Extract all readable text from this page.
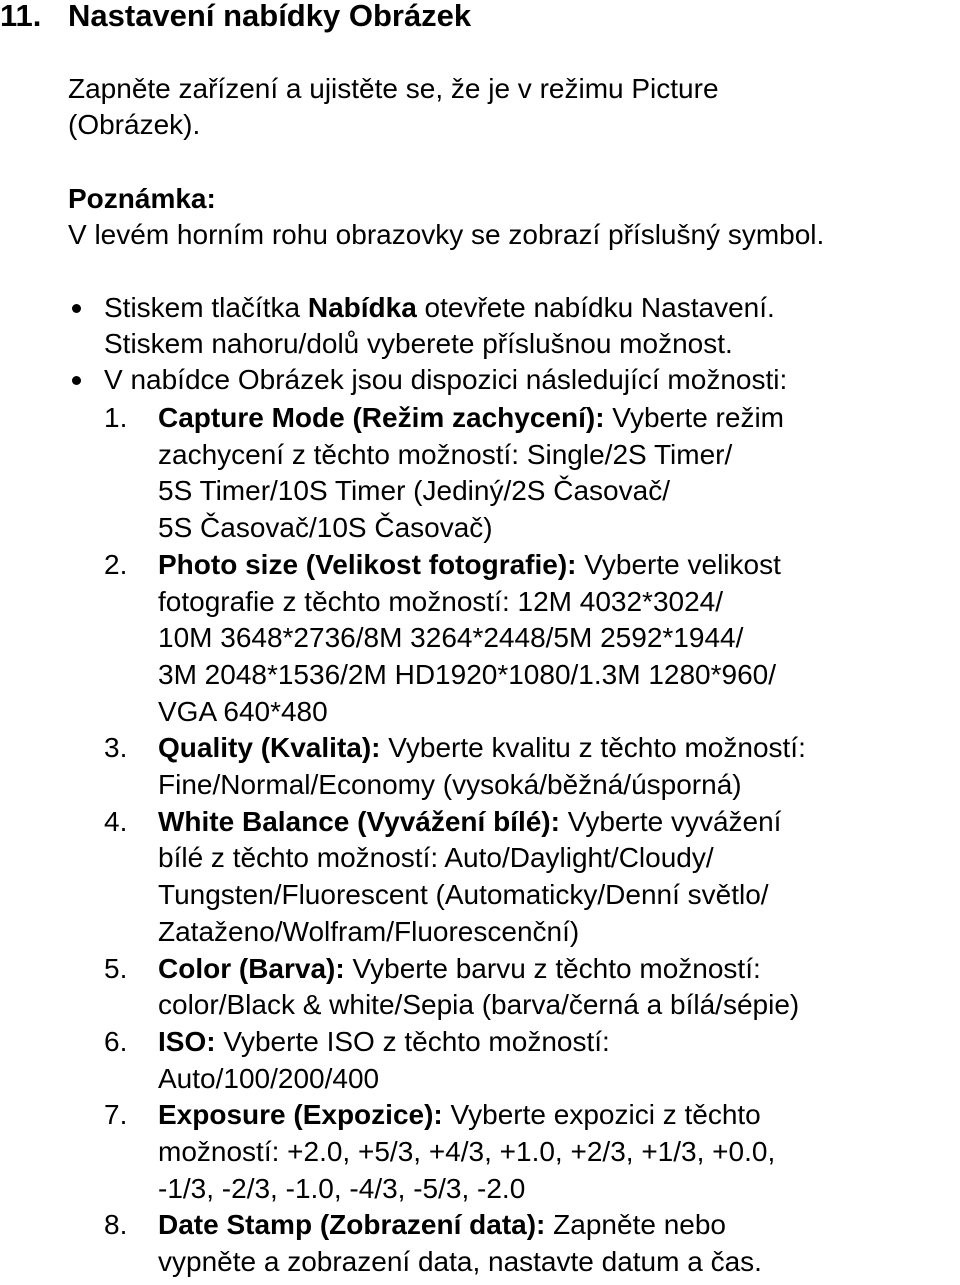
11. Nastavení nabídky Obrázek

Zapněte zařízení a ujistěte se, že je v režimu Picture
(Obrázek).

Poznámka:
V levém horním rohu obrazovky se zobrazí příslušný symbol.

Stiskem tlačítka Nabídka otevřete nabídku Nastavení.
Stiskem nahoru/dolů vyberete příslušnou možnost.
V nabídce Obrázek jsou dispozici následující možnosti:
1. Capture Mode (Režim zachycení): Vyberte režim
zachycení z těchto možností: Single/2S Timer/
5S Timer/10S Timer (Jediný/2S Časovač/
5S Časovač/10S Časovač)
2. Photo size (Velikost fotografie): Vyberte velikost
fotografie z těchto možností: 12M 4032*3024/
10M 3648*2736/8M 3264*2448/5M 2592*1944/
3M 2048*1536/2M HD1920*1080/1.3M 1280*960/
VGA 640*480
3. Quality (Kvalita): Vyberte kvalitu z těchto možností:
Fine/Normal/Economy (vysoká/běžná/úsporná)
4. White Balance (Vyvážení bílé): Vyberte vyvážení
bílé z těchto možností: Auto/Daylight/Cloudy/
Tungsten/Fluorescent (Automaticky/Denní světlo/
Zataženo/Wolfram/Fluorescenční)
5. Color (Barva): Vyberte barvu z těchto možností:
color/Black & white/Sepia (barva/černá a bílá/sépie)
6. ISO: Vyberte ISO z těchto možností:
Auto/100/200/400
7. Exposure (Expozice): Vyberte expozici z těchto
možností: +2.0, +5/3, +4/3, +1.0, +2/3, +1/3, +0.0,
-1/3, -2/3, -1.0, -4/3, -5/3, -2.0
8. Date Stamp (Zobrazení data): Zapněte nebo
vypněte a zobrazení data, nastavte datum a čas.
